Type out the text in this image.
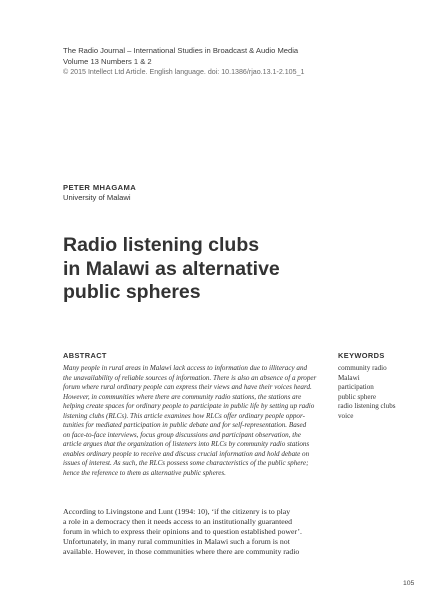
The Radio Journal – International Studies in Broadcast & Audio Media
Volume 13 Numbers 1 & 2
© 2015 Intellect Ltd Article. English language. doi: 10.1386/rjao.13.1-2.105_1
PETER MHAGAMA
University of Malawi
Radio listening clubs
in Malawi as alternative
public spheres
ABSTRACT
Many people in rural areas in Malawi lack access to information due to illiteracy and
the unavailability of reliable sources of information. There is also an absence of a proper
forum where rural ordinary people can express their views and have their voices heard.
However, in communities where there are community radio stations, the stations are
helping create spaces for ordinary people to participate in public life by setting up radio
listening clubs (RLCs). This article examines how RLCs offer ordinary people oppor-
tunities for mediated participation in public debate and for self-representation. Based
on face-to-face interviews, focus group discussions and participant observation, the
article argues that the organization of listeners into RLCs by community radio stations
enables ordinary people to receive and discuss crucial information and hold debate on
issues of interest. As such, the RLCs possess some characteristics of the public sphere;
hence the reference to them as alternative public spheres.
KEYWORDS
community radio
Malawi
participation
public sphere
radio listening clubs
voice
According to Livingstone and Lunt (1994: 10), ‘if the citizenry is to play
a role in a democracy then it needs access to an institutionally guaranteed
forum in which to express their opinions and to question established power’.
Unfortunately, in many rural communities in Malawi such a forum is not
available. However, in those communities where there are community radio
105
